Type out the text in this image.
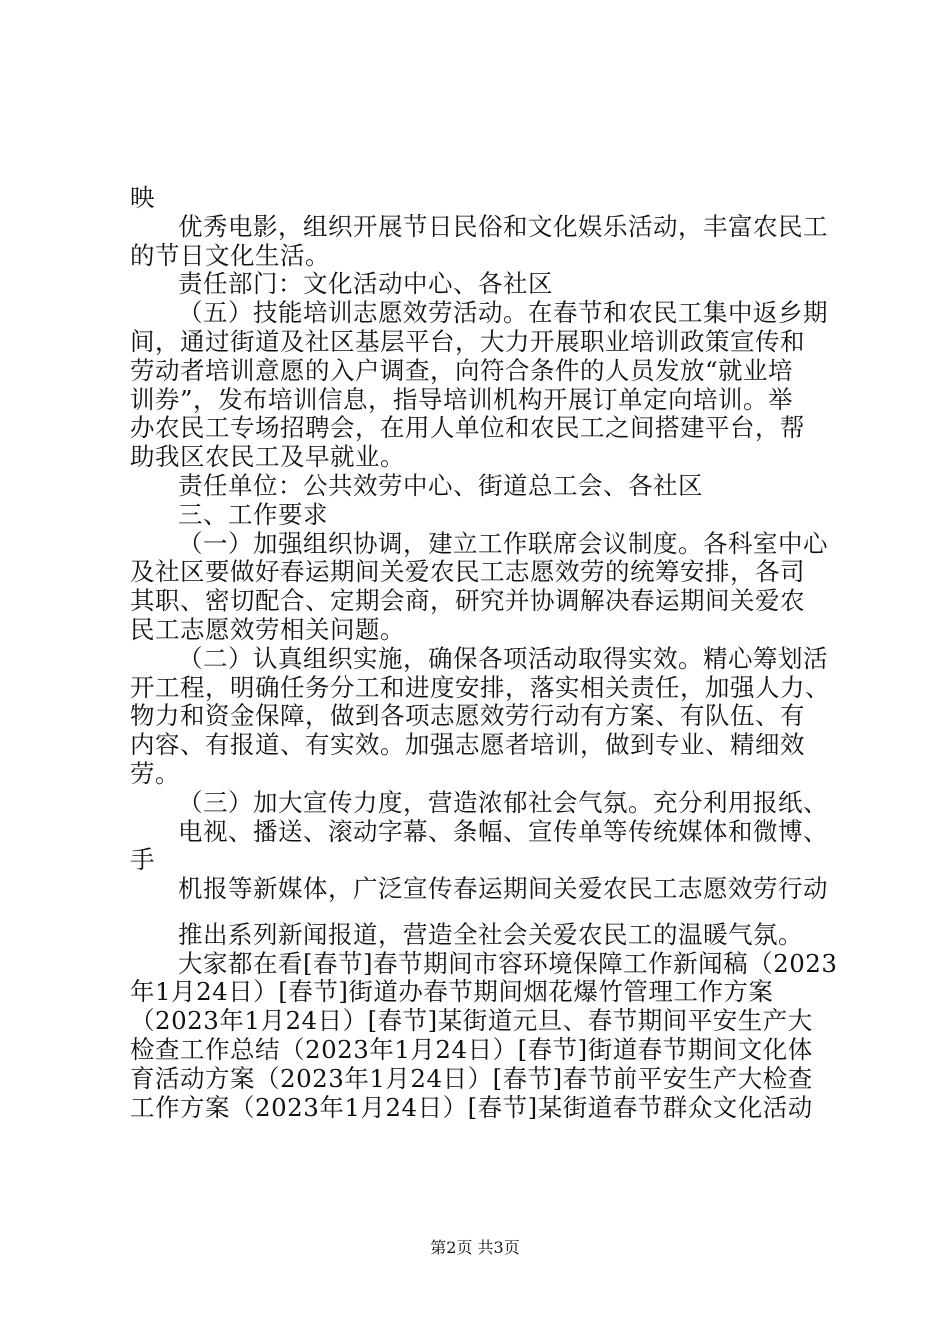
映
优秀电影，组织开展节日民俗和文化娱乐活动，丰富农民工
的节日文化生活。
责任部门：文化活动中心、各社区
（五）技能培训志愿效劳活动。在春节和农民工集中返乡期
间，通过街道及社区基层平台，大力开展职业培训政策宣传和
劳动者培训意愿的入户调查，向符合条件的人员发放“就业培
训券”，发布培训信息，指导培训机构开展订单定向培训。举
办农民工专场招聘会，在用人单位和农民工之间搭建平台，帮
助我区农民工及早就业。
责任单位：公共效劳中心、街道总工会、各社区
三、工作要求
（一）加强组织协调，建立工作联席会议制度。各科室中心
及社区要做好春运期间关爱农民工志愿效劳的统筹安排，各司
其职、密切配合、定期会商，研究并协调解决春运期间关爱农
民工志愿效劳相关问题。
（二）认真组织实施，确保各项活动取得实效。精心筹划活
开工程，明确任务分工和进度安排，落实相关责任，加强人力、
物力和资金保障，做到各项志愿效劳行动有方案、有队伍、有
内容、有报道、有实效。加强志愿者培训，做到专业、精细效
劳。
（三）加大宣传力度，营造浓郁社会气氛。充分利用报纸、
电视、播送、滚动字幕、条幅、宣传单等传统媒体和微博、
手
机报等新媒体，广泛宣传春运期间关爱农民工志愿效劳行动
推出系列新闻报道，营造全社会关爱农民工的温暖气氛。
大家都在看[春节]春节期间市容环境保障工作新闻稿（2023
年1月24日）[春节]街道办春节期间烟花爆竹管理工作方案
（2023年1月24日）[春节]某街道元旦、春节期间平安生产大
检查工作总结（2023年1月24日）[春节]街道春节期间文化体
育活动方案（2023年1月24日）[春节]春节前平安生产大检查
工作方案（2023年1月24日）[春节]某街道春节群众文化活动
第2页 共3页
